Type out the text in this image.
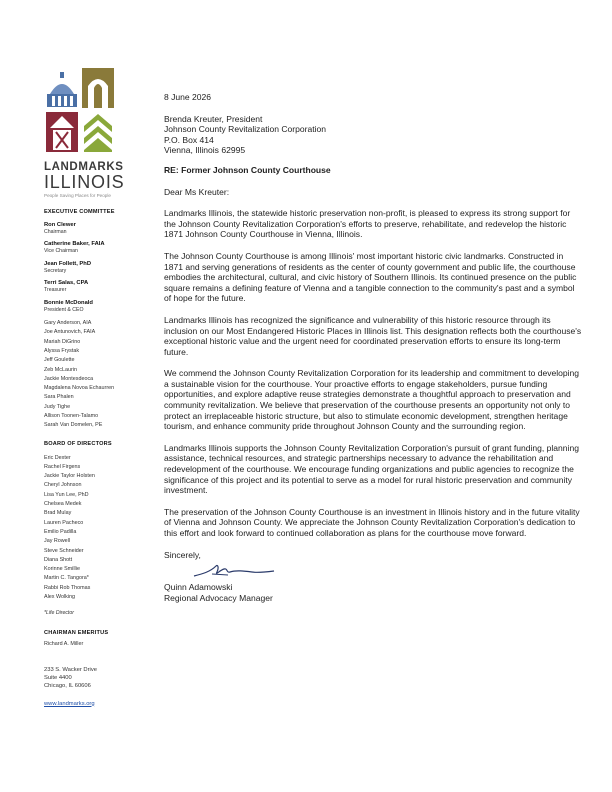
LANDMARKS
ILLINOIS
People Saving Places for People
EXECUTIVE COMMITTEE
Ron Clewer
Chairman
Catherine Baker, FAIA
Vice Chairman
Jean Follett, PhD
Secretary
Terri Salas, CPA
Treasurer
Bonnie McDonald
President & CEO
Gary Anderson, AIA
Joe Antunovich, FAIA
Mariah DiGrino
Alyssa Frystak
Jeff Goulette
Zeb McLaurin
Jackie Montesdeoca
Magdalena Novoa Echaurren
Sara Phalen
Judy Tighe
Allison Toonen-Talamo
Sarah Van Domelen, PE
BOARD OF DIRECTORS
Eric Dexter
Rachel Firgens
Jackie Taylor Holsten
Cheryl Johnson
Lisa Yun Lee, PhD
Chelsea Medek
Brad Mulay
Lauren Pacheco
Emilio Padilla
Jay Rowell
Steve Schneider
Diana Shott
Korinne Smillie
Martin C. Tangora*
Rabbi Rob Thomas
Alex Wolking
*Life Director
CHAIRMAN EMERITUS
Richard A. Miller
233 S. Wacker Drive
Suite 4400
Chicago, IL 60606
www.landmarks.org
8 June 2026
Brenda Kreuter, President
Johnson County Revitalization Corporation
P.O. Box 414
Vienna, Illinois 62995
RE: Former Johnson County Courthouse
Dear Ms Kreuter:

Landmarks Illinois, the statewide historic preservation non-profit, is pleased to express its strong support for the Johnson County Revitalization Corporation's efforts to preserve, rehabilitate, and redevelop the historic 1871 Johnson County Courthouse in Vienna, Illinois.

The Johnson County Courthouse is among Illinois' most important historic civic landmarks. Constructed in 1871 and serving generations of residents as the center of county government and public life, the courthouse embodies the architectural, cultural, and civic history of Southern Illinois. Its continued presence on the public square remains a defining feature of Vienna and a tangible connection to the community's past and a symbol of hope for the future.

Landmarks Illinois has recognized the significance and vulnerability of this historic resource through its inclusion on our Most Endangered Historic Places in Illinois list. This designation reflects both the courthouse's exceptional historic value and the urgent need for coordinated preservation efforts to ensure its long-term future.

We commend the Johnson County Revitalization Corporation for its leadership and commitment to developing a sustainable vision for the courthouse. Your proactive efforts to engage stakeholders, pursue funding opportunities, and explore adaptive reuse strategies demonstrate a thoughtful approach to preservation and community revitalization. We believe that preservation of the courthouse presents an opportunity not only to protect an irreplaceable historic structure, but also to stimulate economic development, strengthen heritage tourism, and enhance community pride throughout Johnson County and the surrounding region.

Landmarks Illinois supports the Johnson County Revitalization Corporation's pursuit of grant funding, planning assistance, technical resources, and strategic partnerships necessary to advance the rehabilitation and redevelopment of the courthouse. We encourage funding organizations and public agencies to recognize the significance of this project and its potential to serve as a model for rural historic preservation and community investment.

The preservation of the Johnson County Courthouse is an investment in Illinois history and in the future vitality of Vienna and Johnson County. We appreciate the Johnson County Revitalization Corporation's dedication to this effort and look forward to continued collaboration as plans for the courthouse move forward.

Sincerely,
Quinn Adamowski
Regional Advocacy Manager
